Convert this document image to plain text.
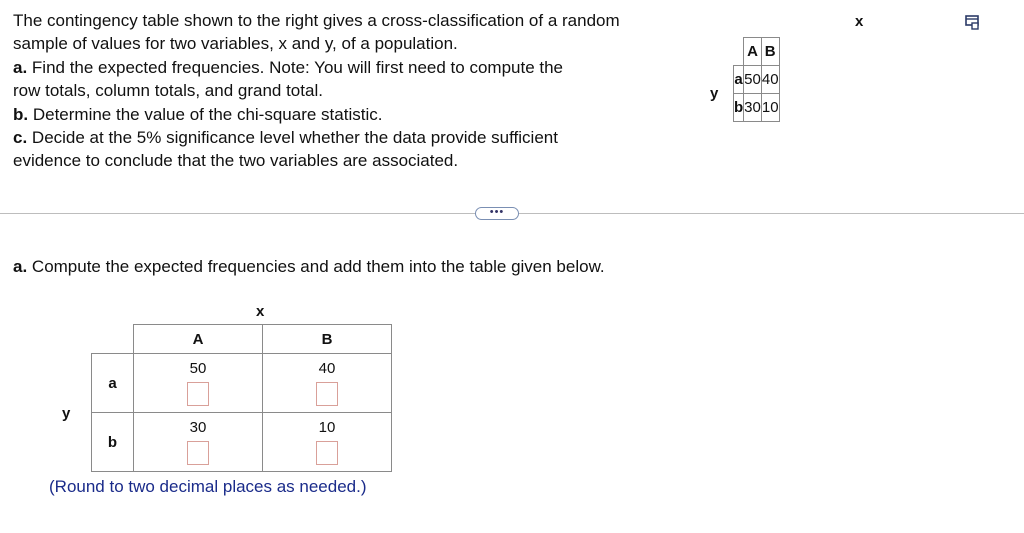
The contingency table shown to the right gives a cross-classification of a random
sample of values for two variables, x and y, of a population.
a. Find the expected frequencies. Note: You will first need to compute the
row totals, column totals, and grand total.
b. Determine the value of the chi-square statistic.
c. Decide at the 5% significance level whether the data provide sufficient
evidence to conclude that the two variables are associated.
x
y
	A	B
a	50	40
b	30	10
•••
a. Compute the expected frequencies and add them into the table given below.
x
y
	A	B
a	50	40

b	30	10
(Round to two decimal places as needed.)
